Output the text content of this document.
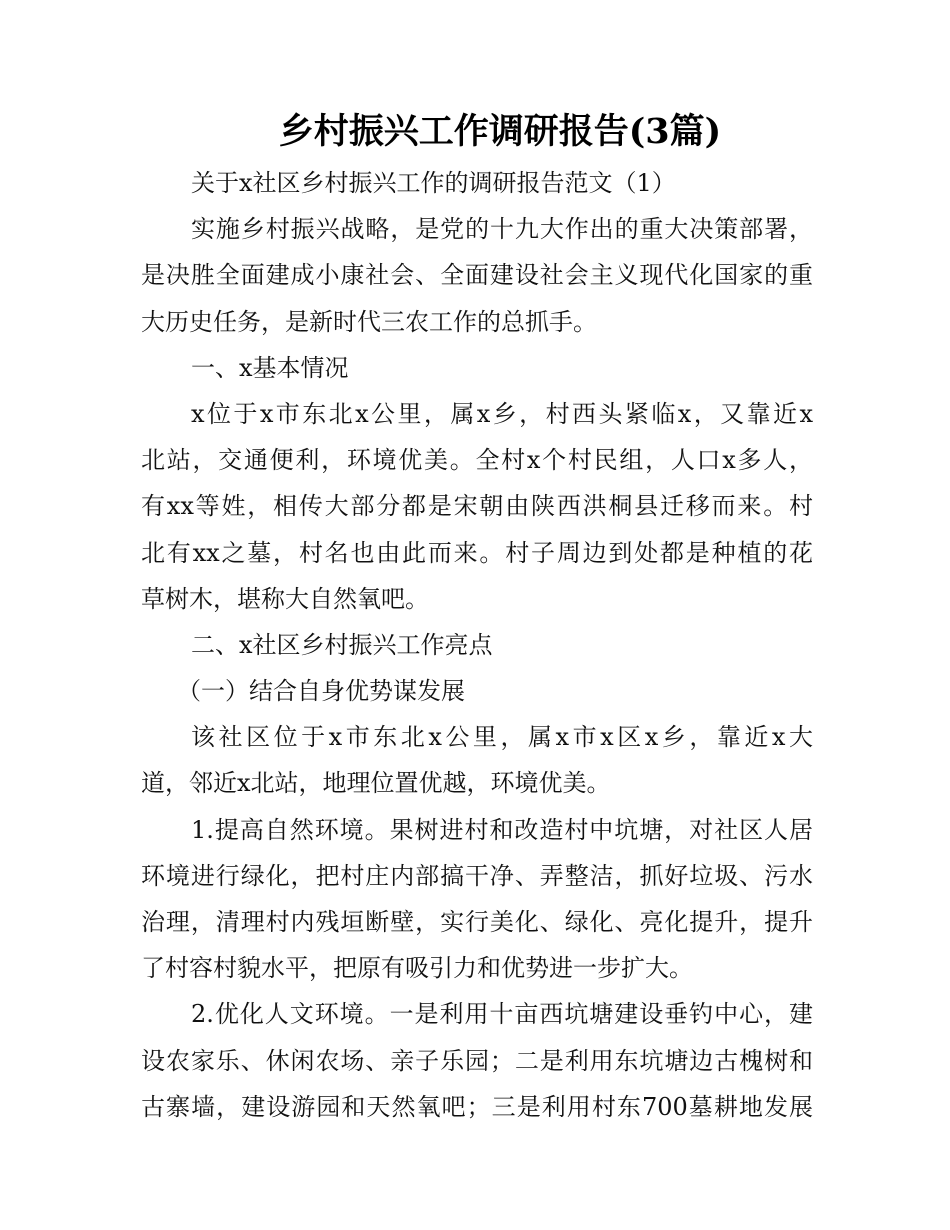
乡村振兴工作调研报告(3篇)
关于x社区乡村振兴工作的调研报告范文（1）
实施乡村振兴战略，是党的十九大作出的重大决策部署，
是决胜全面建成小康社会、全面建设社会主义现代化国家的重
大历史任务，是新时代三农工作的总抓手。
一、x基本情况
x位于x市东北x公里，属x乡，村西头紧临x，又靠近x
北站，交通便利，环境优美。全村x个村民组，人口x多人，
有xx等姓，相传大部分都是宋朝由陕西洪桐县迁移而来。村
北有xx之墓，村名也由此而来。村子周边到处都是种植的花
草树木，堪称大自然氧吧。
二、x社区乡村振兴工作亮点
（一）结合自身优势谋发展
该社区位于x市东北x公里，属x市x区x乡，靠近x大
道，邻近x北站，地理位置优越，环境优美。
1.提高自然环境。果树进村和改造村中坑塘，对社区人居
环境进行绿化，把村庄内部搞干净、弄整洁，抓好垃圾、污水
治理，清理村内残垣断壁，实行美化、绿化、亮化提升，提升
了村容村貌水平，把原有吸引力和优势进一步扩大。
2.优化人文环境。一是利用十亩西坑塘建设垂钓中心，建
设农家乐、休闲农场、亲子乐园；二是利用东坑塘边古槐树和
古寨墙，建设游园和天然氧吧；三是利用村东700墓耕地发展
